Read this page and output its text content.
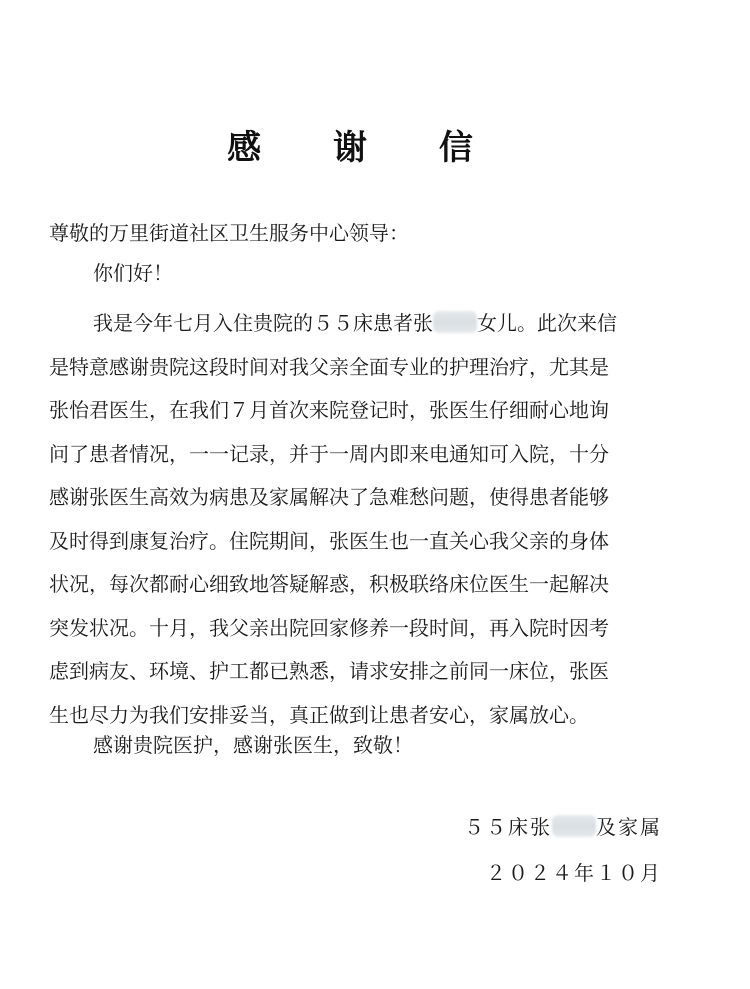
感 谢 信
尊敬的万里街道社区卫生服务中心领导：
你们好！
我是今年七月入住贵院的５５床患者张 女儿。此次来信
是特意感谢贵院这段时间对我父亲全面专业的护理治疗，尤其是
张怡君医生，在我们７月首次来院登记时，张医生仔细耐心地询
问了患者情况，一一记录，并于一周内即来电通知可入院，十分
感谢张医生高效为病患及家属解决了急难愁问题，使得患者能够
及时得到康复治疗。住院期间，张医生也一直关心我父亲的身体
状况，每次都耐心细致地答疑解惑，积极联络床位医生一起解决
突发状况。十月，我父亲出院回家修养一段时间，再入院时因考
虑到病友、环境、护工都已熟悉，请求安排之前同一床位，张医
生也尽力为我们安排妥当，真正做到让患者安心，家属放心。
感谢贵院医护，感谢张医生，致敬！
５５床张 及家属
２０２４年１０月
